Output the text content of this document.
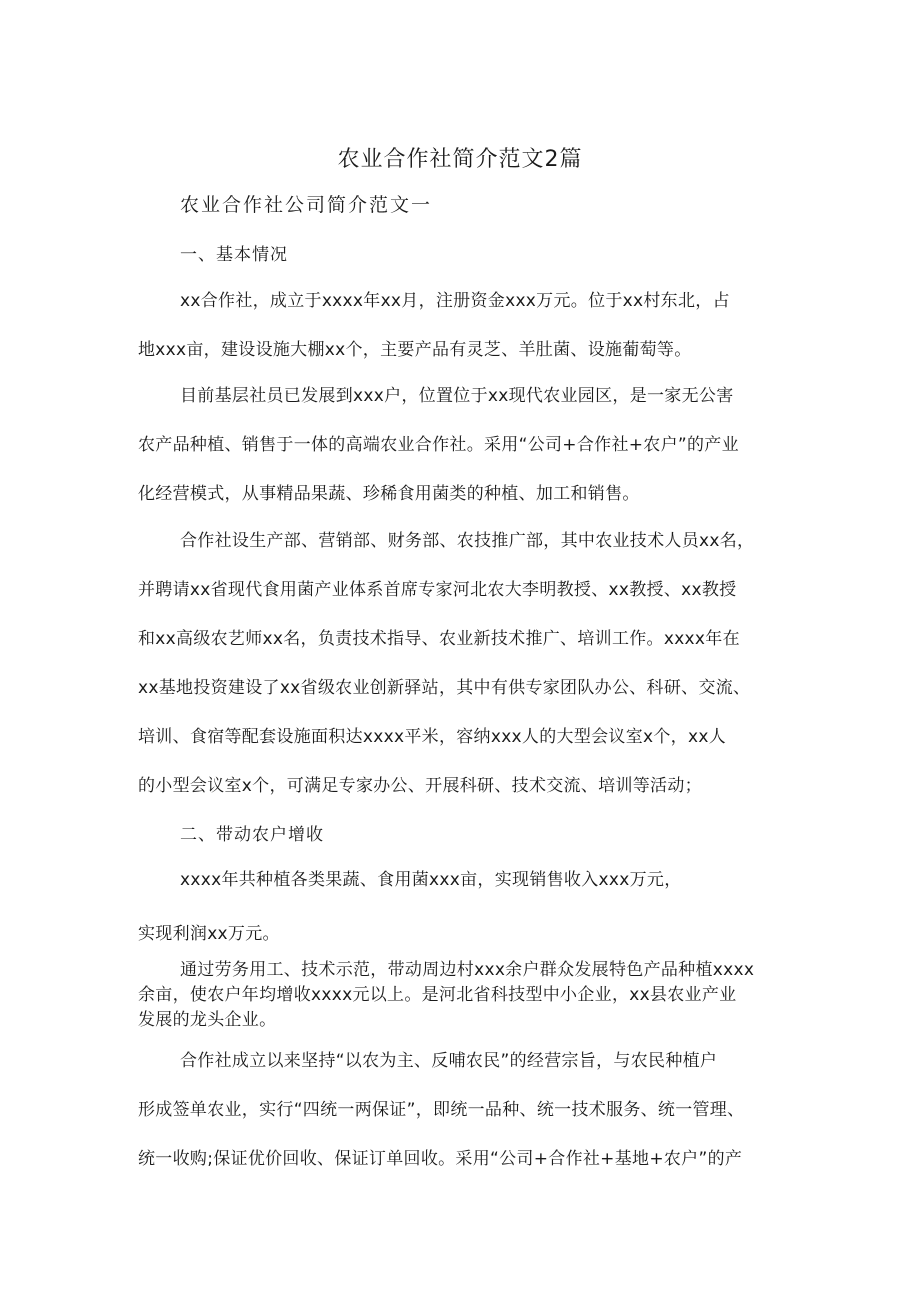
农业合作社简介范文2篇
农业合作社公司简介范文一
一、基本情况
xx合作社，成立于xxxx年xx月，注册资金xxx万元。位于xx村东北，占
地xxx亩，建设设施大棚xx个，主要产品有灵芝、羊肚菌、设施葡萄等。
目前基层社员已发展到xxx户，位置位于xx现代农业园区，是一家无公害
农产品种植、销售于一体的高端农业合作社。采用“公司+合作社+农户”的产业
化经营模式，从事精品果蔬、珍稀食用菌类的种植、加工和销售。
合作社设生产部、营销部、财务部、农技推广部，其中农业技术人员xx名，
并聘请xx省现代食用菌产业体系首席专家河北农大李明教授、xx教授、xx教授
和xx高级农艺师xx名，负责技术指导、农业新技术推广、培训工作。xxxx年在
xx基地投资建设了xx省级农业创新驿站，其中有供专家团队办公、科研、交流、
培训、食宿等配套设施面积达xxxx平米，容纳xxx人的大型会议室x个，xx人
的小型会议室x个，可满足专家办公、开展科研、技术交流、培训等活动；
二、带动农户增收
xxxx年共种植各类果蔬、食用菌xxx亩，实现销售收入xxx万元，
实现利润xx万元。
通过劳务用工、技术示范，带动周边村xxx余户群众发展特色产品种植xxxx
余亩，使农户年均增收xxxx元以上。是河北省科技型中小企业，xx县农业产业
发展的龙头企业。
合作社成立以来坚持“以农为主、反哺农民”的经营宗旨，与农民种植户
形成签单农业，实行“四统一两保证”，即统一品种、统一技术服务、统一管理、
统一收购;保证优价回收、保证订单回收。采用“公司+合作社+基地+农户”的产
